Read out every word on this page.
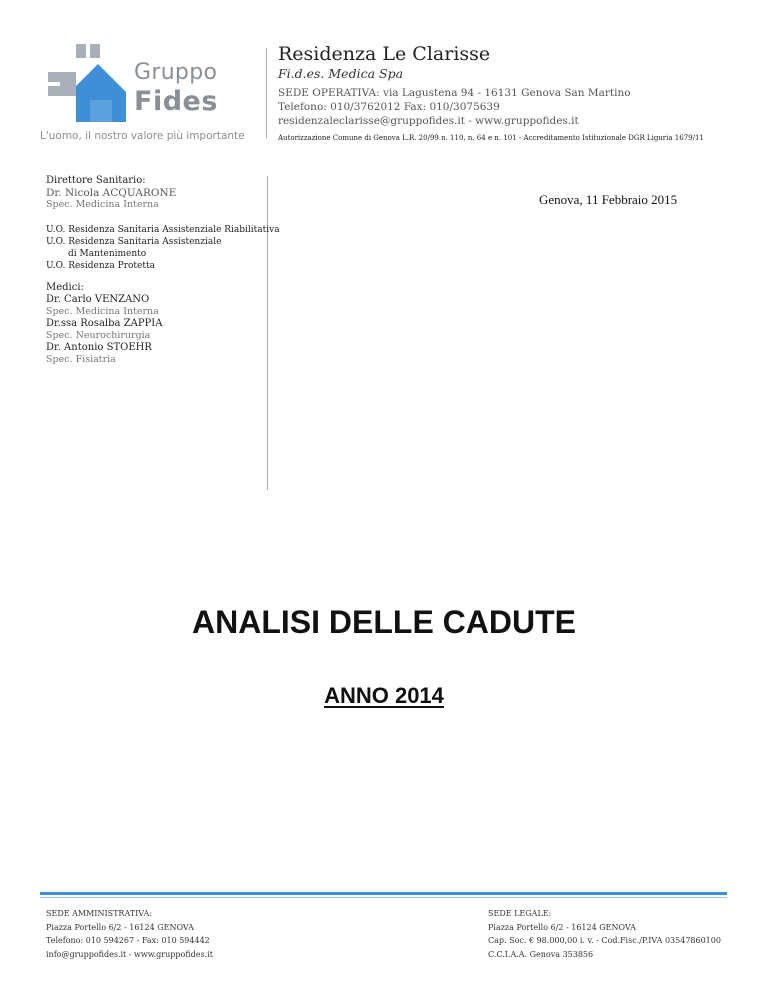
Gruppo
Fides
L'uomo, il nostro valore più importante
Residenza Le Clarisse
Fi.d.es. Medica Spa
SEDE OPERATIVA: via Lagustena 94 - 16131 Genova San Martino
Telefono: 010/3762012 Fax: 010/3075639
residenzaleclarisse@gruppofides.it - www.gruppofides.it
Autorizzazione Comune di Genova L.R. 20/99 n. 110, n. 64 e n. 101 - Accreditamento Istituzionale DGR Liguria 1679/11
Direttore Sanitario:
Dr. Nicola ACQUARONE
Spec. Medicina Interna
U.O. Residenza Sanitaria Assistenziale Riabilitativa
U.O. Residenza Sanitaria Assistenziale
di Mantenimento
U.O. Residenza Protetta
Medici:
Dr. Carlo VENZANO
Spec. Medicina Interna
Dr.ssa Rosalba ZAPPIA
Spec. Neurochirurgia
Dr. Antonio STOEHR
Spec. Fisiatria
Genova, 11 Febbraio 2015
ANALISI DELLE CADUTE
ANNO 2014
SEDE AMMINISTRATIVA:
Piazza Portello 6/2 - 16124 GENOVA
Telefono: 010 594267 - Fax: 010 594442
info@gruppofides.it - www.gruppofides.it
SEDE LEGALE:
Piazza Portello 6/2 - 16124 GENOVA
Cap. Soc. € 98.000,00 i. v. - Cod.Fisc./P.IVA 03547860100
C.C.I.A.A. Genova 353856
